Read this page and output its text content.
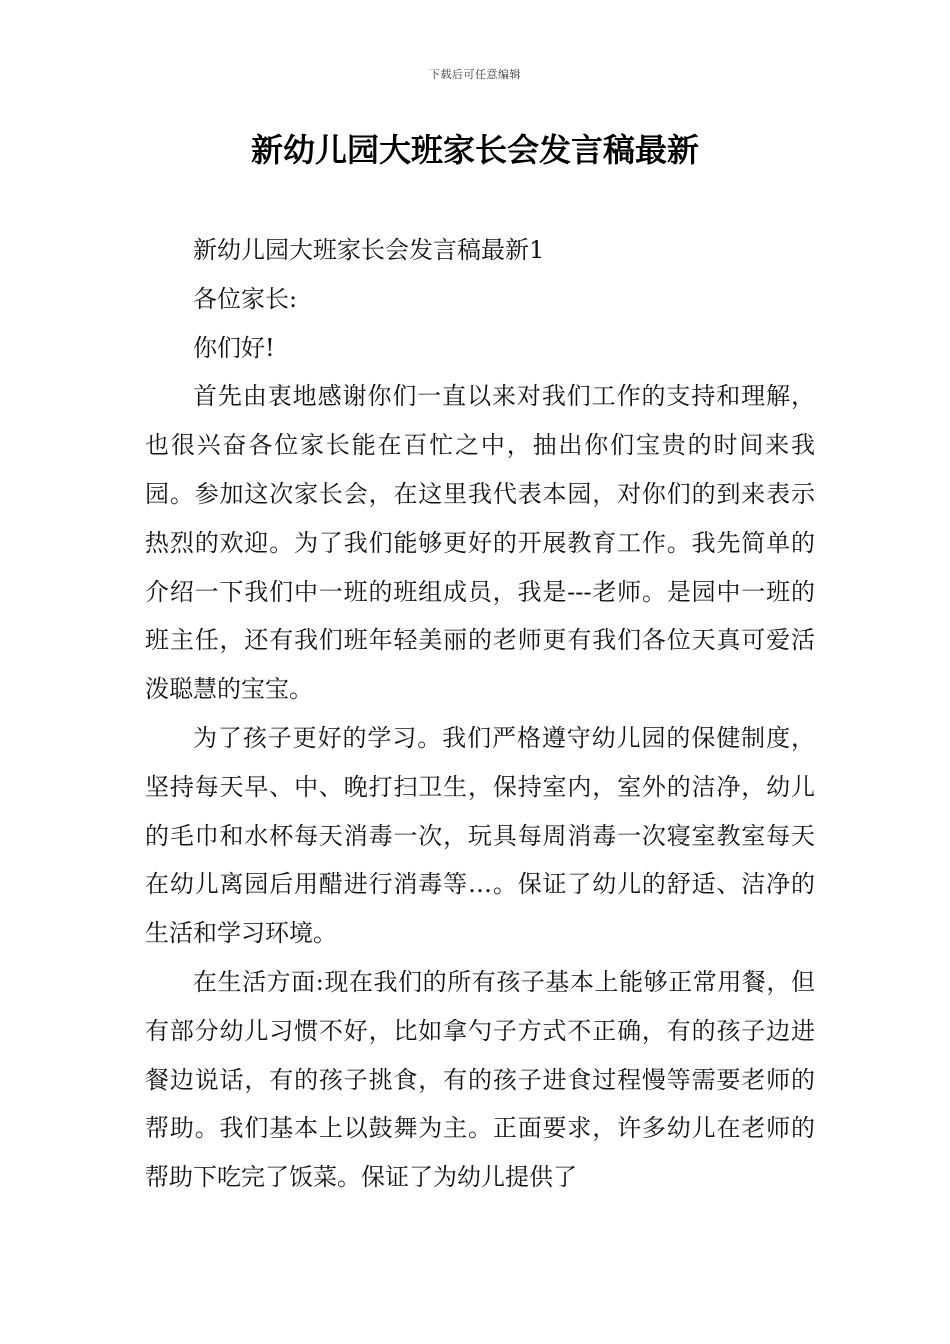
下载后可任意编辑
新幼儿园大班家长会发言稿最新

新幼儿园大班家长会发言稿最新1

各位家长:

你们好!

首先由衷地感谢你们一直以来对我们工作的支持和理解，也很兴奋各位家长能在百忙之中，抽出你们宝贵的时间来我园。参加这次家长会，在这里我代表本园，对你们的到来表示热烈的欢迎。为了我们能够更好的开展教育工作。我先简单的介绍一下我们中一班的班组成员，我是---老师。是园中一班的班主任，还有我们班年轻美丽的老师更有我们各位天真可爱活泼聪慧的宝宝。

为了孩子更好的学习。我们严格遵守幼儿园的保健制度，坚持每天早、中、晚打扫卫生，保持室内，室外的洁净，幼儿的毛巾和水杯每天消毒一次，玩具每周消毒一次寝室教室每天在幼儿离园后用醋进行消毒等…。保证了幼儿的舒适、洁净的生活和学习环境。

在生活方面:现在我们的所有孩子基本上能够正常用餐，但有部分幼儿习惯不好，比如拿勺子方式不正确，有的孩子边进餐边说话，有的孩子挑食，有的孩子进食过程慢等需要老师的帮助。我们基本上以鼓舞为主。正面要求，许多幼儿在老师的帮助下吃完了饭菜。保证了为幼儿提供了
